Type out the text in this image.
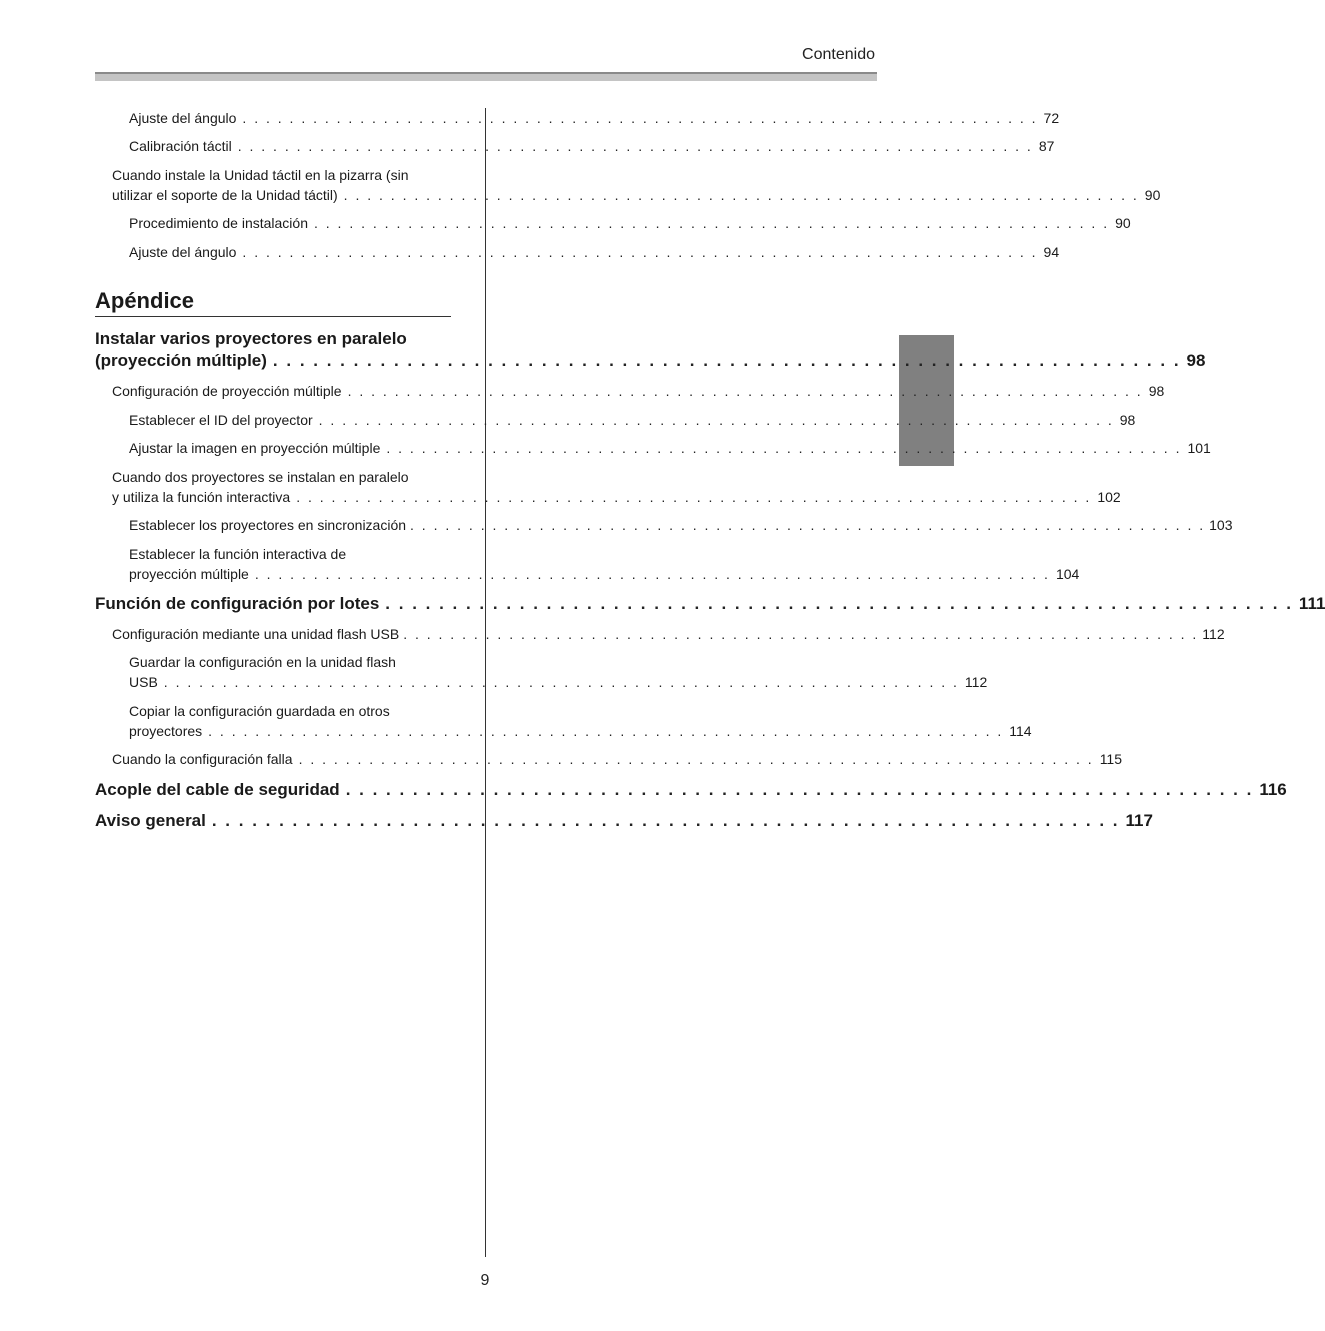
Contenido
Ajuste del ángulo . . .	72
Calibración táctil . . .	87
Cuando instale la Unidad táctil en la pizarra (sin
utilizar el soporte de la Unidad táctil) . . .	90
Procedimiento de instalación . . .	90
Ajuste del ángulo . . .	94
Apéndice
Instalar varios proyectores en paralelo
(proyección múltiple) . . .	98
Configuración de proyección múltiple . . .	98
Establecer el ID del proyector . . .	98
Ajustar la imagen en proyección múltiple . . .	101
Cuando dos proyectores se instalan en paralelo
y utiliza la función interactiva . . .	102
Establecer los proyectores en sincronización . . .	103
Establecer la función interactiva de
proyección múltiple . . .	104
Función de configuración por lotes . . .	111
Configuración mediante una unidad flash USB . . .	112
Guardar la configuración en la unidad flash
USB . . .	112
Copiar la configuración guardada en otros
proyectores . . .	114
Cuando la configuración falla . . .	115
Acople del cable de seguridad . . .	116
Aviso general . . .	117
9
